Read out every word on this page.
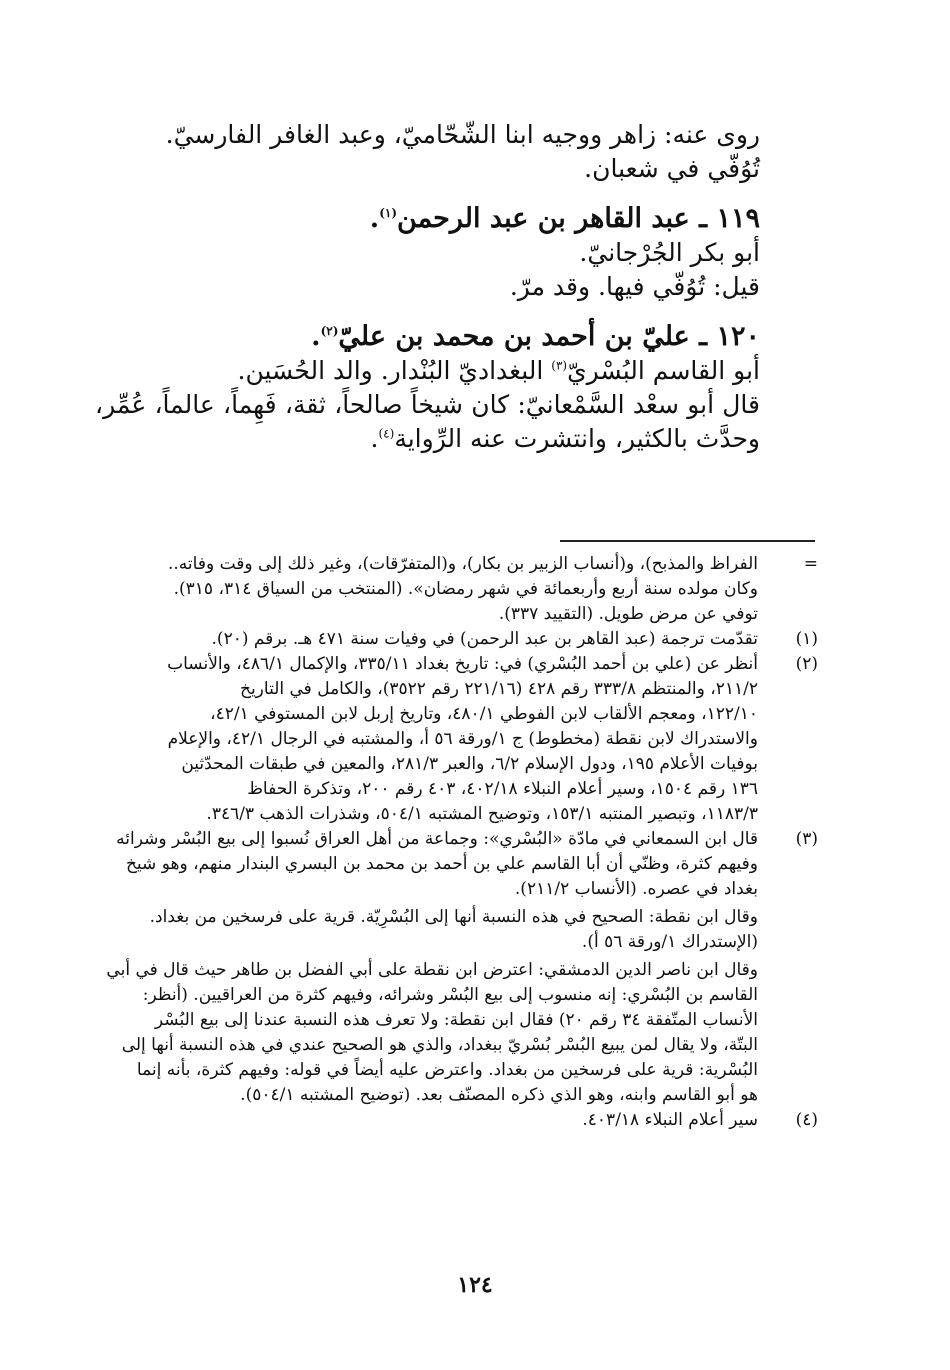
روى عنه: زاهر ووجيه ابنا الشّحّاميّ، وعبد الغافر الفارسيّ.

تُوُفّي في شعبان.

١١٩ ـ عبد القاهر بن عبد الرحمن$^{(١)}$.

أبو بكر الجُرْجانيّ.

قيل: تُوُفّي فيها. وقد مرّ.

١٢٠ ـ عليّ بن أحمد بن محمد بن عليّ$^{(٢)}$.

أبو القاسم البُسْريّ$^{(٣)}$ البغداديّ البُنْدار. والد الحُسَين.

قال أبو سعْد السَّمْعانيّ: كان شيخاً صالحاً، ثقة، فَهِماً، عالماً، عُمِّر،

وحدَّث بالكثير، وانتشرت عنه الرِّواية$^{(٤)}$.

=

الفراظ والمذبح)، و(أنساب الزبير بن بكار)، و(المتفرّقات)، وغير ذلك إلى وقت وفاته..

وكان مولده سنة أربع وأربعمائة في شهر رمضان». (المنتخب من السياق ٣١٤، ٣١٥).

توفي عن مرض طويل. (التقييد ٣٣٧).

(١)

تقدّمت ترجمة (عبد القاهر بن عبد الرحمن) في وفيات سنة ٤٧١ هـ. برقم (٢٠).

(٢)

أنظر عن (علي بن أحمد البُسْري) في: تاريخ بغداد ٣٣٥/١١، والإكمال ٤٨٦/١، والأنساب

٢١١/٢، والمنتظم ٣٣٣/٨ رقم ٤٢٨ (٢٢١/١٦ رقم ٣٥٢٢)، والكامل في التاريخ

١٢٢/١٠، ومعجم الألقاب لابن الفوطي ٤٨٠/١، وتاريخ إربل لابن المستوفي ٤٢/١،

والاستدراك لابن نقطة (مخطوط) ج ١/ورقة ٥٦ أ، والمشتبه في الرجال ٤٢/١، والإعلام

بوفيات الأعلام ١٩٥، ودول الإسلام ٦/٢، والعبر ٢٨١/٣، والمعين في طبقات المحدّثين

١٣٦ رقم ١٥٠٤، وسير أعلام النبلاء ٤٠٢/١٨، ٤٠٣ رقم ٢٠٠، وتذكرة الحفاظ

١١٨٣/٣، وتبصير المنتبه ١٥٣/١، وتوضيح المشتبه ٥٠٤/١، وشذرات الذهب ٣٤٦/٣.

(٣)

قال ابن السمعاني في مادّة «البُسْري»: وجماعة من أهل العراق نُسبوا إلى بيع البُسْر وشرائه

وفيهم كثرة، وظنّي أن أبا القاسم علي بن أحمد بن محمد بن البسري البندار منهم، وهو شيخ

بغداد في عصره. (الأنساب ٢١١/٢).

وقال ابن نقطة: الصحيح في هذه النسبة أنها إلى البُسْرِيّة. قرية على فرسخين من بغداد.

(الإستدراك ١/ورقة ٥٦ أ).

وقال ابن ناصر الدين الدمشقي: اعترض ابن نقطة على أبي الفضل بن طاهر حيث قال في أبي

القاسم بن البُسْري: إنه منسوب إلى بيع البُسْر وشرائه، وفيهم كثرة من العراقيين. (أنظر:

الأنساب المتّفقة ٣٤ رقم ٢٠) فقال ابن نقطة: ولا تعرف هذه النسبة عندنا إلى بيع البُسْر

البتّة، ولا يقال لمن يبيع البُسْر بُسْريّ ببغداد، والذي هو الصحيح عندي في هذه النسبة أنها إلى

البُسْرية: قرية على فرسخين من بغداد. واعترض عليه أيضاً في قوله: وفيهم كثرة، بأنه إنما

هو أبو القاسم وابنه، وهو الذي ذكره المصنّف بعد. (توضيح المشتبه ٥٠٤/١).

(٤)

سير أعلام النبلاء ٤٠٣/١٨.

١٢٤
